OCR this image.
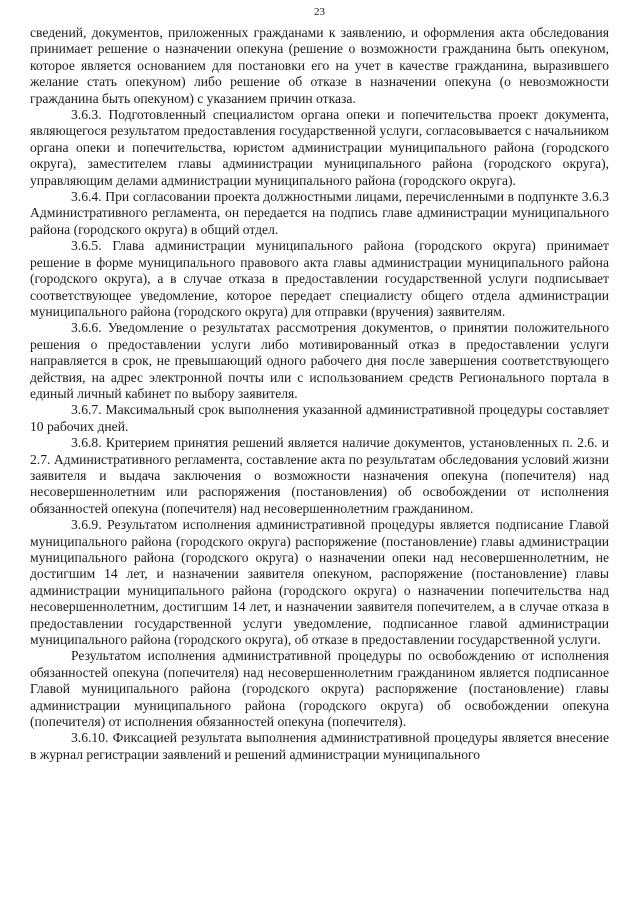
23

сведений, документов, приложенных гражданами к заявлению, и оформления акта обследования принимает решение о назначении опекуна (решение о возможности гражданина быть опекуном, которое является основанием для постановки его на учет в качестве гражданина, выразившего желание стать опекуном) либо решение об отказе в назначении опекуна (о невозможности гражданина быть опекуном) с указанием причин отказа.

3.6.3. Подготовленный специалистом органа опеки и попечительства проект документа, являющегося результатом предоставления государственной услуги, согласовывается с начальником органа опеки и попечительства, юристом администрации муниципального района (городского округа), заместителем главы администрации муниципального района (городского округа), управляющим делами администрации муниципального района (городского округа).

3.6.4. При согласовании проекта должностными лицами, перечисленными в подпункте 3.6.3 Административного регламента, он передается на подпись главе администрации муниципального района (городского округа) в общий отдел.

3.6.5. Глава администрации муниципального района (городского округа) принимает решение в форме муниципального правового акта главы администрации муниципального района (городского округа), а в случае отказа в предоставлении государственной услуги подписывает соответствующее уведомление, которое передает специалисту общего отдела администрации муниципального района (городского округа) для отправки (вручения) заявителям.

3.6.6. Уведомление о результатах рассмотрения документов, о принятии положительного решения о предоставлении услуги либо мотивированный отказ в предоставлении услуги направляется в срок, не превышающий одного рабочего дня после завершения соответствующего действия, на адрес электронной почты или с использованием средств Регионального портала в единый личный кабинет по выбору заявителя.

3.6.7. Максимальный срок выполнения указанной административной процедуры составляет 10 рабочих дней.

3.6.8. Критерием принятия решений является наличие документов, установленных п. 2.6. и 2.7. Административного регламента, составление акта по результатам обследования условий жизни заявителя и выдача заключения о возможности назначения опекуна (попечителя) над несовершеннолетним или распоряжения (постановления) об освобождении от исполнения обязанностей опекуна (попечителя) над несовершеннолетним гражданином.

3.6.9. Результатом исполнения административной процедуры является подписание Главой муниципального района (городского округа) распоряжение (постановление) главы администрации муниципального района (городского округа) о назначении опеки над несовершеннолетним, не достигшим 14 лет, и назначении заявителя опекуном, распоряжение (постановление) главы администрации муниципального района (городского округа) о назначении попечительства над несовершеннолетним, достигшим 14 лет, и назначении заявителя попечителем, а в случае отказа в предоставлении государственной услуги уведомление, подписанное главой администрации муниципального района (городского округа), об отказе в предоставлении государственной услуги.

Результатом исполнения административной процедуры по освобождению от исполнения обязанностей опекуна (попечителя) над несовершеннолетним гражданином является подписанное Главой муниципального района (городского округа) распоряжение (постановление) главы администрации муниципального района (городского округа) об освобождении опекуна (попечителя) от исполнения обязанностей опекуна (попечителя).

3.6.10. Фиксацией результата выполнения административной процедуры является внесение в журнал регистрации заявлений и решений администрации муниципального
